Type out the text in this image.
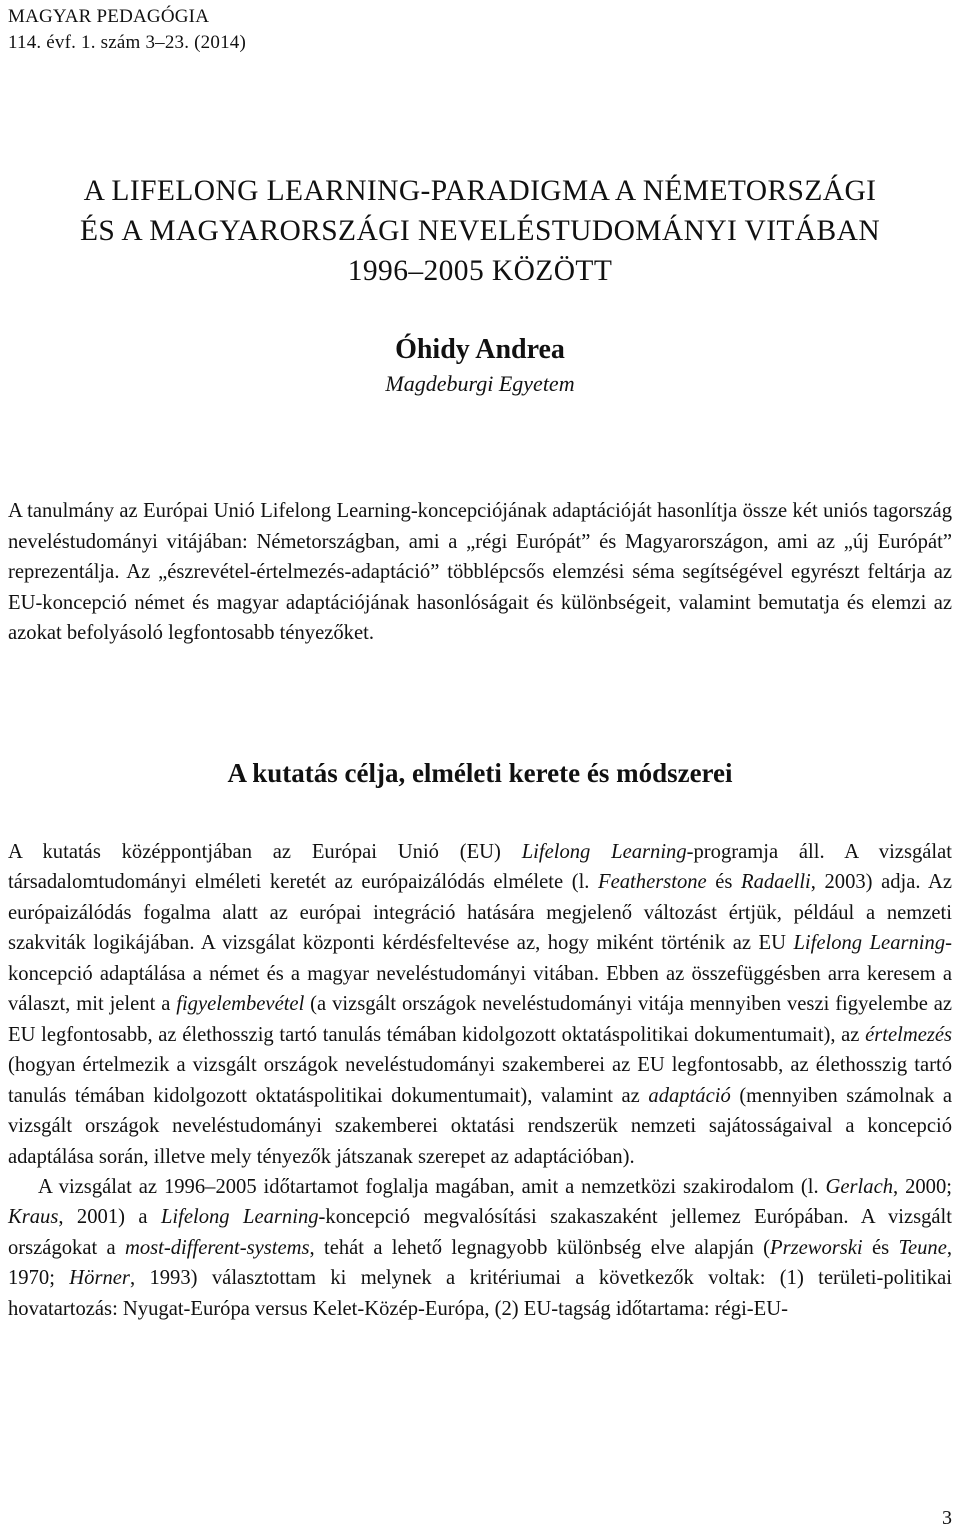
MAGYAR PEDAGÓGIA
114. évf. 1. szám 3–23. (2014)
A LIFELONG LEARNING-PARADIGMA A NÉMETORSZÁGI
ÉS A MAGYARORSZÁGI NEVELÉSTUDOMÁNYI VITÁBAN
1996–2005 KÖZÖTT
Óhidy Andrea
Magdeburgi Egyetem
A tanulmány az Európai Unió Lifelong Learning-koncepciójának adaptációját hasonlítja össze két uniós tagország neveléstudományi vitájában: Németországban, ami a „régi Európát” és Magyarországon, ami az „új Európát” reprezentálja. Az „észrevétel-értelmezés-adaptáció” többlépcsős elemzési séma segítségével egyrészt feltárja az EU-koncepció német és magyar adaptációjának hasonlóságait és különbségeit, valamint bemutatja és elemzi az azokat befolyásoló legfontosabb tényezőket.
A kutatás célja, elméleti kerete és módszerei

A kutatás középpontjában az Európai Unió (EU) Lifelong Learning-programja áll. A vizsgálat társadalomtudományi elméleti keretét az európaizálódás elmélete (l. Featherstone és Radaelli, 2003) adja. Az európaizálódás fogalma alatt az európai integráció hatására megjelenő változást értjük, például a nemzeti szakviták logikájában. A vizsgálat központi kérdésfeltevése az, hogy miként történik az EU Lifelong Learning-koncepció adaptálása a német és a magyar neveléstudományi vitában. Ebben az összefüggésben arra keresem a választ, mit jelent a figyelembevétel (a vizsgált országok neveléstudományi vitája mennyiben veszi figyelembe az EU legfontosabb, az élethosszig tartó tanulás témában kidolgozott oktatáspolitikai dokumentumait), az értelmezés (hogyan értelmezik a vizsgált országok neveléstudományi szakemberei az EU legfontosabb, az élethosszig tartó tanulás témában kidolgozott oktatáspolitikai dokumentumait), valamint az adaptáció (mennyiben számolnak a vizsgált országok neveléstudományi szakemberei oktatási rendszerük nemzeti sajátosságaival a koncepció adaptálása során, illetve mely tényezők játszanak szerepet az adaptációban).

A vizsgálat az 1996–2005 időtartamot foglalja magában, amit a nemzetközi szakirodalom (l. Gerlach, 2000; Kraus, 2001) a Lifelong Learning-koncepció megvalósítási szakaszaként jellemez Európában. A vizsgált országokat a most-different-systems, tehát a lehető legnagyobb különbség elve alapján (Przeworski és Teune, 1970; Hörner, 1993) választottam ki melynek a kritériumai a következők voltak: (1) területi-politikai hovatartozás: Nyugat-Európa versus Kelet-Közép-Európa, (2) EU-tagság időtartama: régi-EU-

3
